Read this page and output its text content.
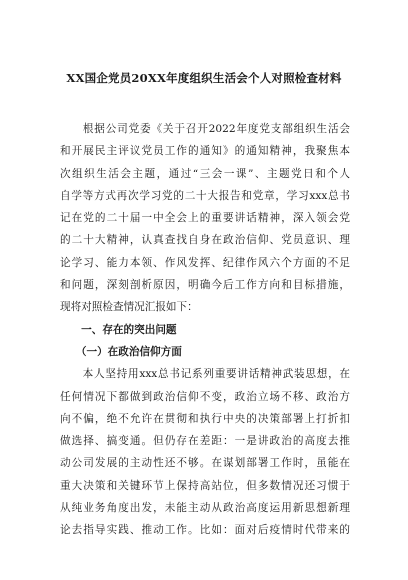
XX国企党员20XX年度组织生活会个人对照检查材料
　　根据公司党委《关于召开2022年度党支部组织生活会
和开展民主评议党员工作的通知》的通知精神，我聚焦本
次组织生活会主题，通过“三会一课”、主题党日和个人
自学等方式再次学习党的二十大报告和党章，学习xxx总书
记在党的二十届一中全会上的重要讲话精神，深入领会党
的二十大精神，认真查找自身在政治信仰、党员意识、理
论学习、能力本领、作风发挥、纪律作风六个方面的不足
和问题，深刻剖析原因，明确今后工作方向和目标措施，
现将对照检查情况汇报如下：
　　一、存在的突出问题
　　（一）在政治信仰方面
　　本人坚持用xxx总书记系列重要讲话精神武装思想，在
任何情况下都做到政治信仰不变，政治立场不移、政治方
向不偏，绝不允许在贯彻和执行中央的决策部署上打折扣
做选择、搞变通。但仍存在差距：一是讲政治的高度去推
动公司发展的主动性还不够。在谋划部署工作时，虽能在
重大决策和关键环节上保持高站位，但多数情况还习惯于
从纯业务角度出发，未能主动从政治高度运用新思想新理
论去指导实践、推动工作。比如：面对后疫情时代带来的
